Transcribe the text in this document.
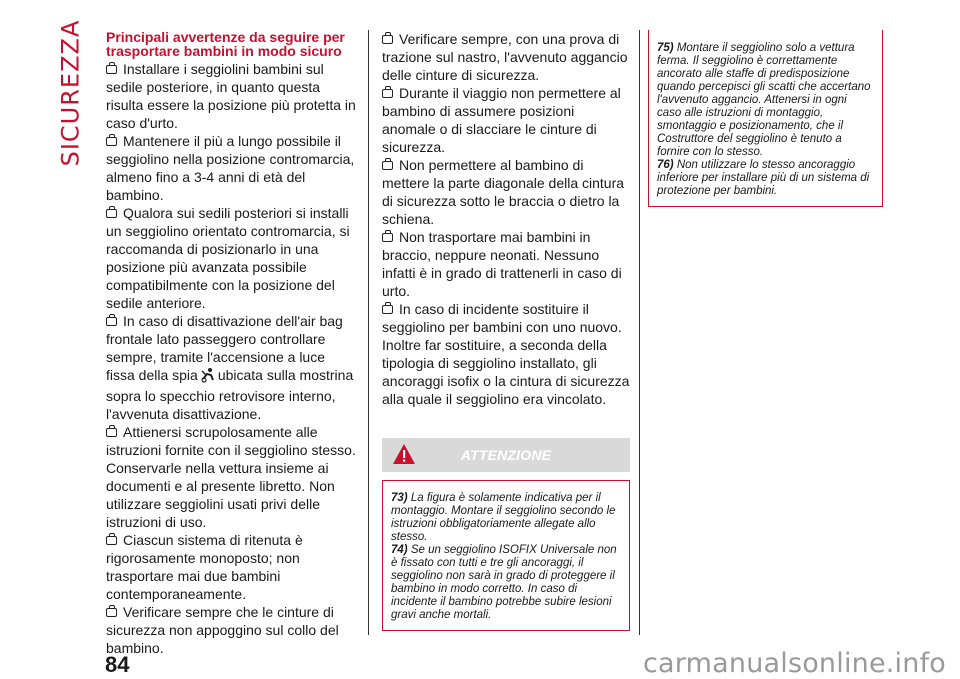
SICUREZZA Principali avvertenze da seguire per trasportare bambini in modo sicuro

Installare i seggiolini bambini sul sedile posteriore, in quanto questa risulta essere la posizione più protetta in caso d'urto.

Mantenere il più a lungo possibile il seggiolino nella posizione contromarcia, almeno fino a 3-4 anni di età del bambino.

Qualora sui sedili posteriori si installi un seggiolino orientato contromarcia, si raccomanda di posizionarlo in una posizione più avanzata possibile compatibilmente con la posizione del sedile anteriore.

In caso di disattivazione dell'air bag frontale lato passeggero controllare sempre, tramite l'accensione a luce fissa della spia ubicata sulla mostrina sopra lo specchio retrovisore interno, l'avvenuta disattivazione.

Attienersi scrupolosamente alle istruzioni fornite con il seggiolino stesso. Conservarle nella vettura insieme ai documenti e al presente libretto. Non utilizzare seggiolini usati privi delle istruzioni di uso.

Ciascun sistema di ritenuta è rigorosamente monoposto; non trasportare mai due bambini contemporaneamente.

Verificare sempre che le cinture di sicurezza non appoggino sul collo del bambino.

Verificare sempre, con una prova di trazione sul nastro, l'avvenuto aggancio delle cinture di sicurezza.

Durante il viaggio non permettere al bambino di assumere posizioni anomale o di slacciare le cinture di sicurezza.

Non permettere al bambino di mettere la parte diagonale della cintura di sicurezza sotto le braccia o dietro la schiena.

Non trasportare mai bambini in braccio, neppure neonati. Nessuno infatti è in grado di trattenerli in caso di urto.

In caso di incidente sostituire il seggiolino per bambini con uno nuovo. Inoltre far sostituire, a seconda della tipologia di seggiolino installato, gli ancoraggi isofix o la cintura di sicurezza alla quale il seggiolino era vincolato.

ATTENZIONE

73) La figura è solamente indicativa per il montaggio. Montare il seggiolino secondo le istruzioni obbligatoriamente allegate allo stesso.

74) Se un seggiolino ISOFIX Universale non è fissato con tutti e tre gli ancoraggi, il seggiolino non sarà in grado di proteggere il bambino in modo corretto. In caso di incidente il bambino potrebbe subire lesioni gravi anche mortali.

75) Montare il seggiolino solo a vettura ferma. Il seggiolino è correttamente ancorato alle staffe di predisposizione quando percepisci gli scatti che accertano l'avvenuto aggancio. Attenersi in ogni caso alle istruzioni di montaggio, smontaggio e posizionamento, che il Costruttore del seggiolino è tenuto a fornire con lo stesso.

76) Non utilizzare lo stesso ancoraggio inferiore per installare più di un sistema di protezione per bambini.

84	carmanualsonline.info
